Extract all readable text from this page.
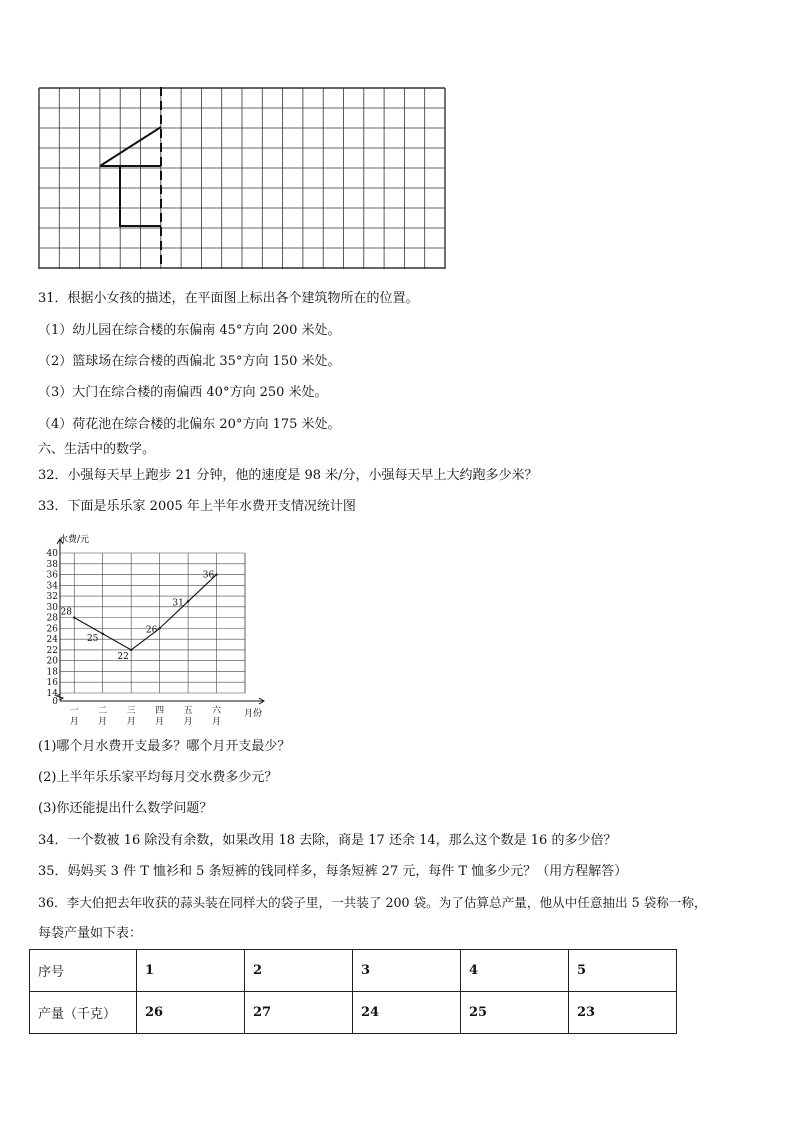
31．根据小女孩的描述，在平面图上标出各个建筑物所在的位置。
（1）幼儿园在综合楼的东偏南 45°方向 200 米处。
（2）篮球场在综合楼的西偏北 35°方向 150 米处。
（3）大门在综合楼的南偏西 40°方向 250 米处。
（4）荷花池在综合楼的北偏东 20°方向 175 米处。
六、生活中的数学。
32．小强每天早上跑步 21 分钟，他的速度是 98 米/分，小强每天早上大约跑多少米？
33．下面是乐乐家 2005 年上半年水费开支情况统计图
0
14
16
18
20
22
24
26
28
30
32
34
36
38
40
一
月
二
月
三
月
四
月
五
月
六
月
28
25
22
26
31
36
水费/元
月份
(1)哪个月水费开支最多？哪个月开支最少？
(2)上半年乐乐家平均每月交水费多少元？
(3)你还能提出什么数学问题？
34．一个数被 16 除没有余数，如果改用 18 去除，商是 17 还余 14，那么这个数是 16 的多少倍？
35．妈妈买 3 件 T 恤衫和 5 条短裤的钱同样多，每条短裤 27 元，每件 T 恤多少元？（用方程解答）
36．李大伯把去年收获的蒜头装在同样大的袋子里，一共装了 200 袋。为了估算总产量，他从中任意抽出 5 袋称一称，
每袋产量如下表：
序号	1	2	3	4	5
产量（千克）	26	27	24	25	23
